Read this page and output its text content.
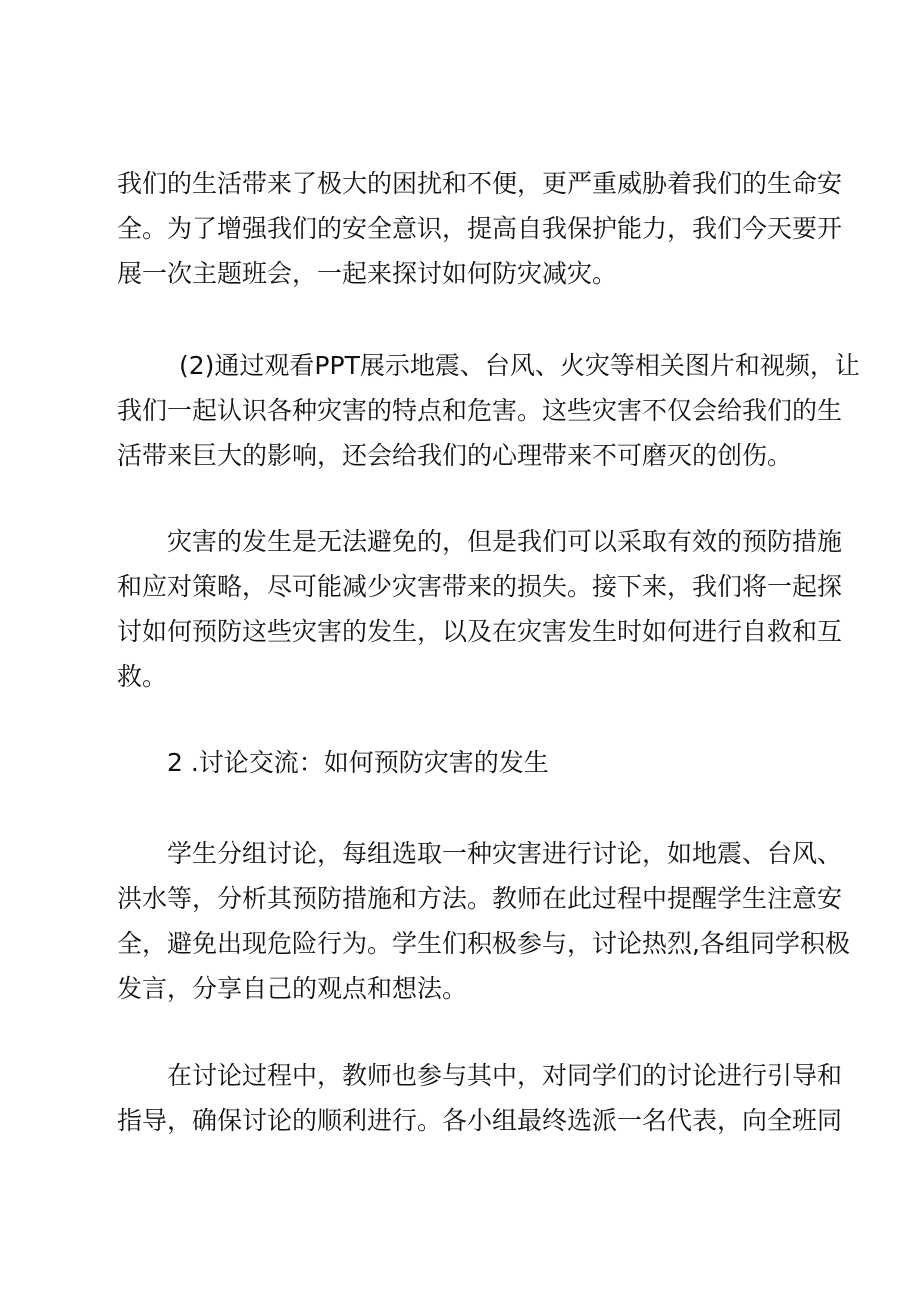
我们的生活带来了极大的困扰和不便，更严重威胁着我们的生命安
全。为了增强我们的安全意识，提高自我保护能力，我们今天要开
展一次主题班会，一起来探讨如何防灾减灾。

(2)通过观看PPT展示地震、台风、火灾等相关图片和视频，让
我们一起认识各种灾害的特点和危害。这些灾害不仅会给我们的生
活带来巨大的影响，还会给我们的心理带来不可磨灭的创伤。

灾害的发生是无法避免的，但是我们可以采取有效的预防措施
和应对策略，尽可能减少灾害带来的损失。接下来，我们将一起探
讨如何预防这些灾害的发生，以及在灾害发生时如何进行自救和互
救。

2 .讨论交流：如何预防灾害的发生

学生分组讨论，每组选取一种灾害进行讨论，如地震、台风、
洪水等，分析其预防措施和方法。教师在此过程中提醒学生注意安
全，避免出现危险行为。学生们积极参与，讨论热烈,各组同学积极
发言，分享自己的观点和想法。

在讨论过程中，教师也参与其中，对同学们的讨论进行引导和
指导，确保讨论的顺利进行。各小组最终选派一名代表，向全班同
